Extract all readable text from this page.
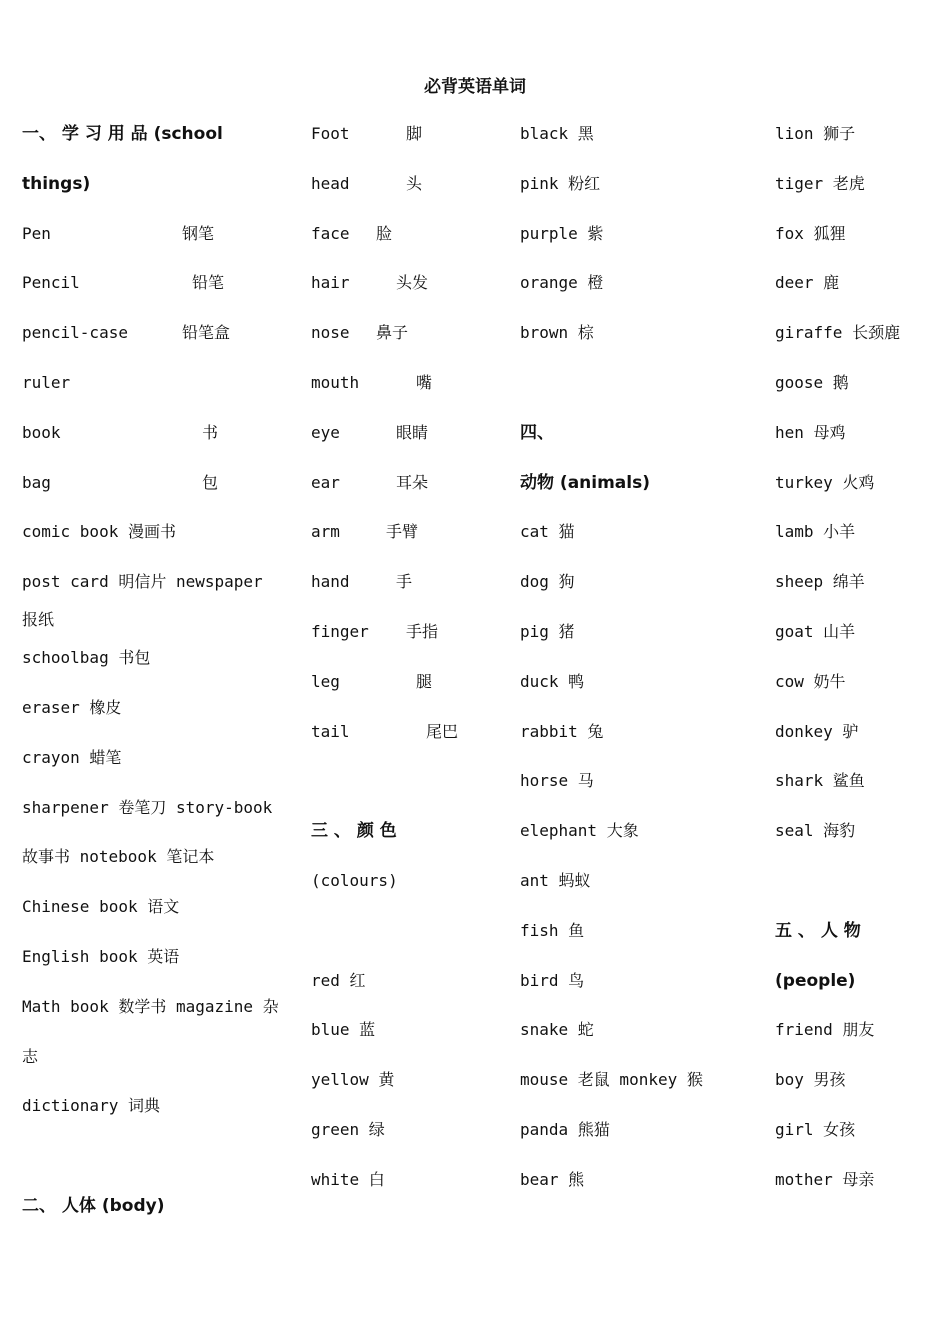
必背英语单词
一、 学 习 用 品 (school
things)
Pen	钢笔
Pencil	铅笔
pencil-case	铅笔盒
ruler
book	书
bag	包
comic book 漫画书
post card 明信片 newspaper
报纸
schoolbag 书包
eraser 橡皮
crayon 蜡笔
sharpener 卷笔刀 story-book
故事书 notebook 笔记本
Chinese book 语文
English book 英语
Math book 数学书 magazine 杂
志
dictionary 词典
二、 人体 (body)
Foot	脚
head	头
face 脸
hair	头发
nose 鼻子
mouth	嘴
eye	眼睛
ear	耳朵
arm	手臂
hand	手
finger 手指
leg	腿
tail	尾巴
三 、 颜 色
(colours)
red 红
blue 蓝
yellow 黄
green 绿
white 白
black 黑
pink 粉红
purple 紫
orange 橙
brown 棕
四、
动物 (animals)
cat 猫
dog 狗
pig 猪
duck 鸭
rabbit 兔
horse 马
elephant 大象
ant 蚂蚁
fish 鱼
bird 鸟
snake 蛇
mouse 老鼠 monkey 猴
panda 熊猫
bear 熊
lion 狮子
tiger 老虎
fox 狐狸
deer 鹿
giraffe 长颈鹿
goose 鹅
hen 母鸡
turkey 火鸡
lamb 小羊
sheep 绵羊
goat 山羊
cow 奶牛
donkey 驴
shark 鲨鱼
seal 海豹
五 、 人 物
(people)
friend 朋友
boy 男孩
girl 女孩
mother 母亲
